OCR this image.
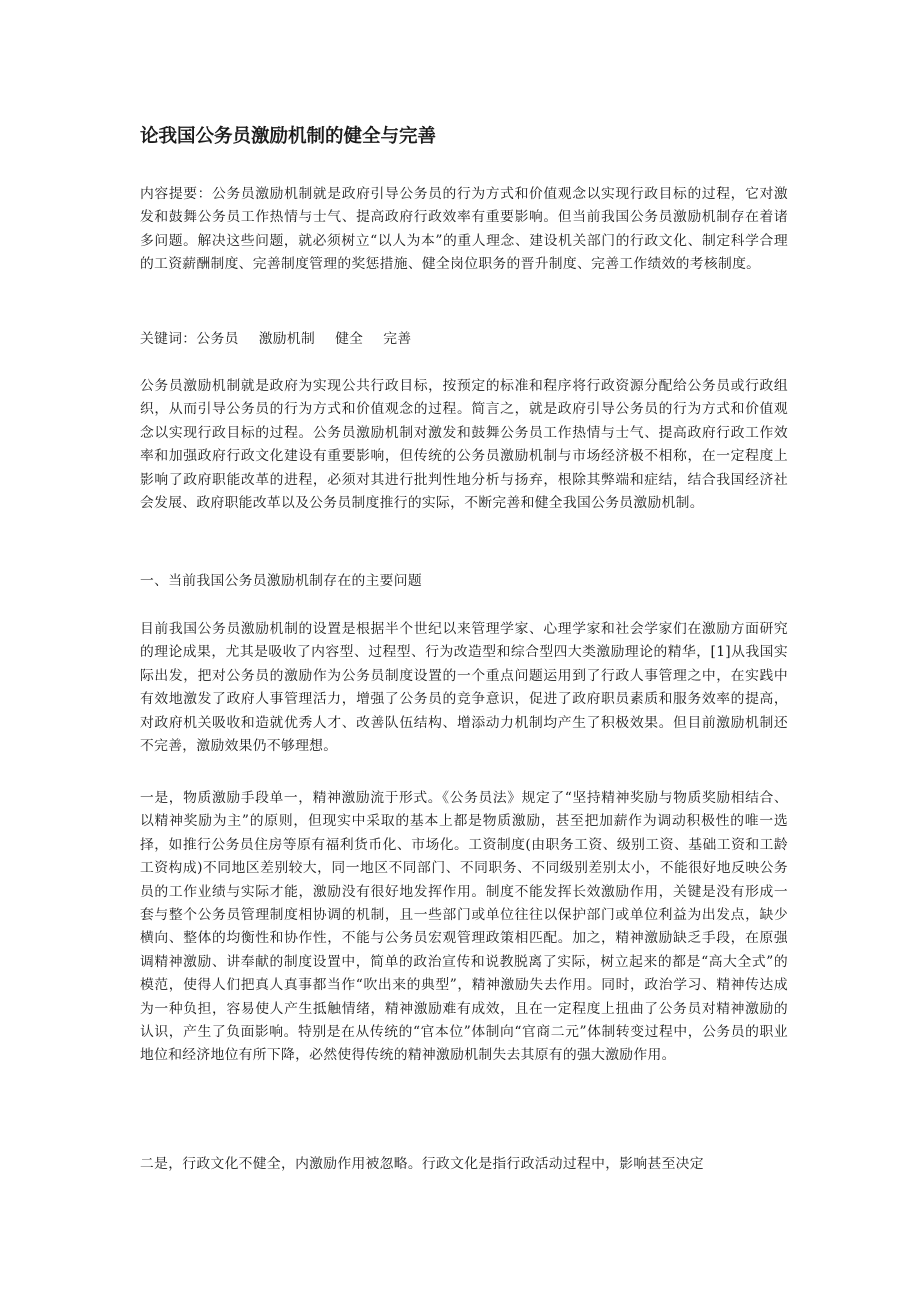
论我国公务员激励机制的健全与完善

内容提要：公务员激励机制就是政府引导公务员的行为方式和价值观念以实现行政目标的过程，它对激发和鼓舞公务员工作热情与士气、提高政府行政效率有重要影响。但当前我国公务员激励机制存在着诸多问题。解决这些问题，就必须树立“以人为本”的重人理念、建设机关部门的行政文化、制定科学合理的工资薪酬制度、完善制度管理的奖惩措施、健全岗位职务的晋升制度、完善工作绩效的考核制度。

关键词：公务员 激励机制 健全 完善

公务员激励机制就是政府为实现公共行政目标，按预定的标准和程序将行政资源分配给公务员或行政组织，从而引导公务员的行为方式和价值观念的过程。简言之，就是政府引导公务员的行为方式和价值观念以实现行政目标的过程。公务员激励机制对激发和鼓舞公务员工作热情与士气、提高政府行政工作效率和加强政府行政文化建设有重要影响，但传统的公务员激励机制与市场经济极不相称，在一定程度上影响了政府职能改革的进程，必须对其进行批判性地分析与扬弃，根除其弊端和症结，结合我国经济社会发展、政府职能改革以及公务员制度推行的实际，不断完善和健全我国公务员激励机制。

一、当前我国公务员激励机制存在的主要问题

目前我国公务员激励机制的设置是根据半个世纪以来管理学家、心理学家和社会学家们在激励方面研究的理论成果，尤其是吸收了内容型、过程型、行为改造型和综合型四大类激励理论的精华，[1]从我国实际出发，把对公务员的激励作为公务员制度设置的一个重点问题运用到了行政人事管理之中，在实践中有效地激发了政府人事管理活力，增强了公务员的竞争意识，促进了政府职员素质和服务效率的提高，对政府机关吸收和造就优秀人才、改善队伍结构、增添动力机制均产生了积极效果。但目前激励机制还不完善，激励效果仍不够理想。

一是，物质激励手段单一，精神激励流于形式。《公务员法》规定了“坚持精神奖励与物质奖励相结合、以精神奖励为主”的原则，但现实中采取的基本上都是物质激励，甚至把加薪作为调动积极性的唯一选择，如推行公务员住房等原有福利货币化、市场化。工资制度(由职务工资、级别工资、基础工资和工龄工资构成)不同地区差别较大，同一地区不同部门、不同职务、不同级别差别太小，不能很好地反映公务员的工作业绩与实际才能，激励没有很好地发挥作用。制度不能发挥长效激励作用，关键是没有形成一套与整个公务员管理制度相协调的机制，且一些部门或单位往往以保护部门或单位利益为出发点，缺少横向、整体的均衡性和协作性，不能与公务员宏观管理政策相匹配。加之，精神激励缺乏手段，在原强调精神激励、讲奉献的制度设置中，简单的政治宣传和说教脱离了实际，树立起来的都是“高大全式”的模范，使得人们把真人真事都当作“吹出来的典型”，精神激励失去作用。同时，政治学习、精神传达成为一种负担，容易使人产生抵触情绪，精神激励难有成效，且在一定程度上扭曲了公务员对精神激励的认识，产生了负面影响。特别是在从传统的“官本位”体制向“官商二元”体制转变过程中，公务员的职业地位和经济地位有所下降，必然使得传统的精神激励机制失去其原有的强大激励作用。

二是，行政文化不健全，内激励作用被忽略。行政文化是指行政活动过程中，影响甚至决定
